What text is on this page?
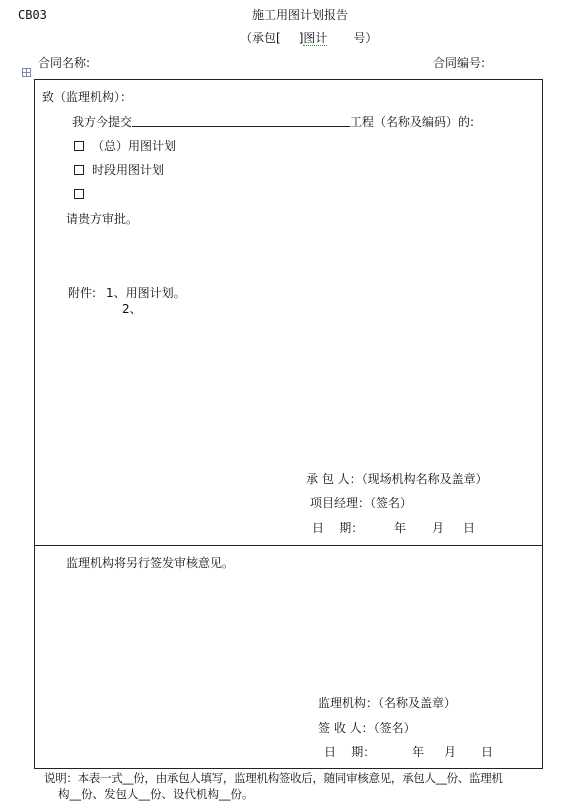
CB03	施工用图计划报告
（承包[ ]图计 号）
合同名称:	合同编号:
致（监理机构）：
我方今提交	工程（名称及编码）的:
（总）用图计划
时段用图计划
请贵方审批。
附件: 1、用图计划。
2、
承 包 人：（现场机构名称及盖章）
项目经理：（签名）
日    期：	年 月 日
监理机构将另行签发审核意见。
监理机构：（名称及盖章）
签 收 人：（签名）
日    期：	年 月 日
说明：本表一式__份，由承包人填写，监理机构签收后，随同审核意见，承包人__份、监理机
构__份、发包人__份、设代机构__份。
